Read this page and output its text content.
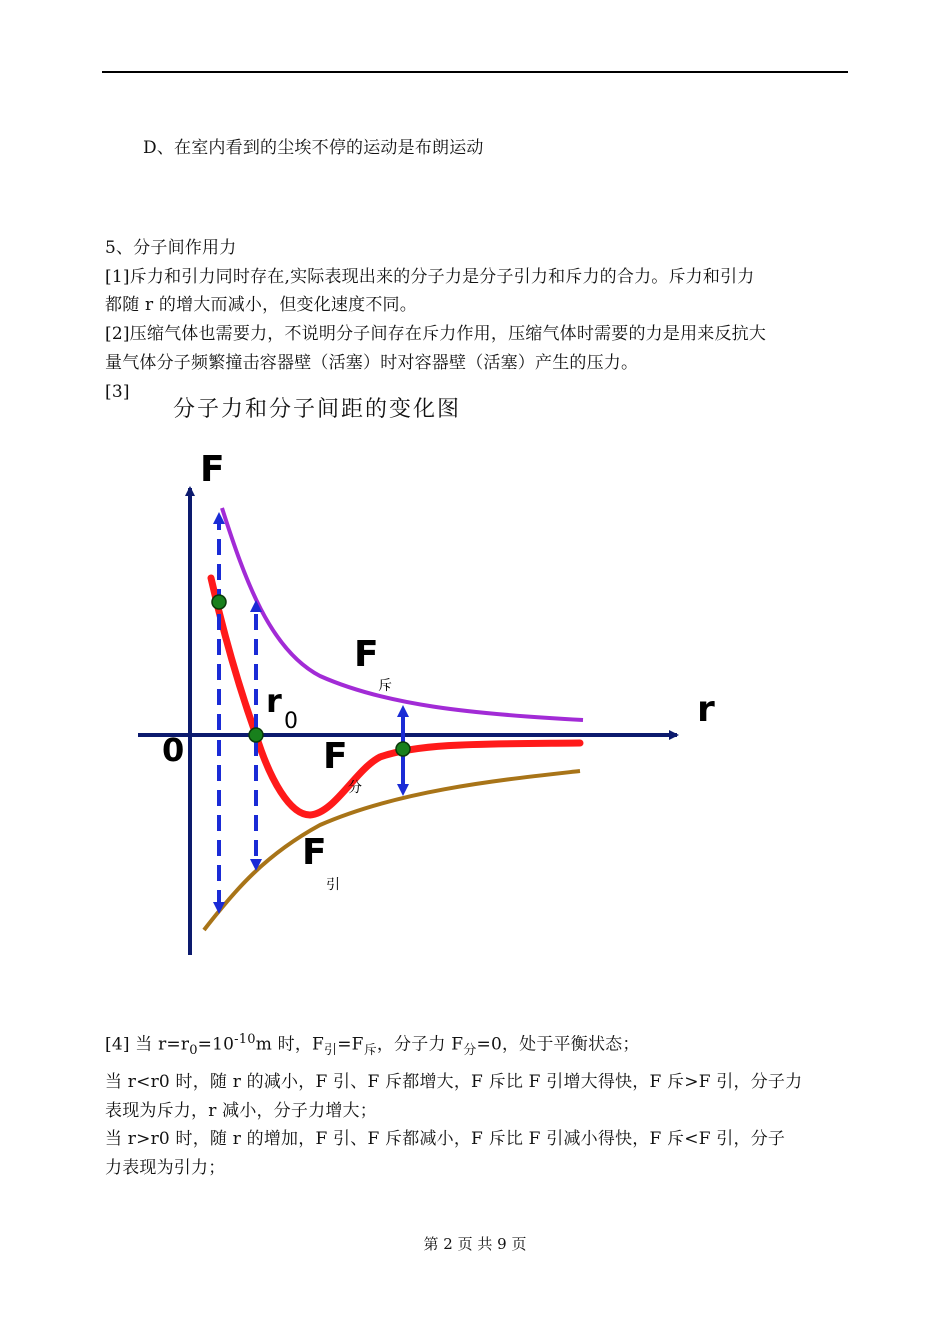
D、在室内看到的尘埃不停的运动是布朗运动
5、分子间作用力
[1]斥力和引力同时存在,实际表现出来的分子力是分子引力和斥力的合力。斥力和引力
都随 r 的增大而减小，但变化速度不同。
[2]压缩气体也需要力，不说明分子间存在斥力作用，压缩气体时需要的力是用来反抗大
量气体分子频繁撞击容器壁（活塞）时对容器壁（活塞）产生的压力。
[3]
分子力和分子间距的变化图
F
r
0
r
0
F
斥
F
分
F
引
[4] 当 $r=r_0=10^{-10}m$ 时，$F_引=F_斥$，分子力 $F_分=0$，处于平衡状态；
当 r<r0 时，随 r 的减小，F 引、F 斥都增大，F 斥比 F 引增大得快，F 斥>F 引，分子力
表现为斥力，r 减小，分子力增大；
当 r>r0 时，随 r 的增加，F 引、F 斥都减小，F 斥比 F 引减小得快，F 斥<F 引，分子
力表现为引力；
第 2 页 共 9 页
